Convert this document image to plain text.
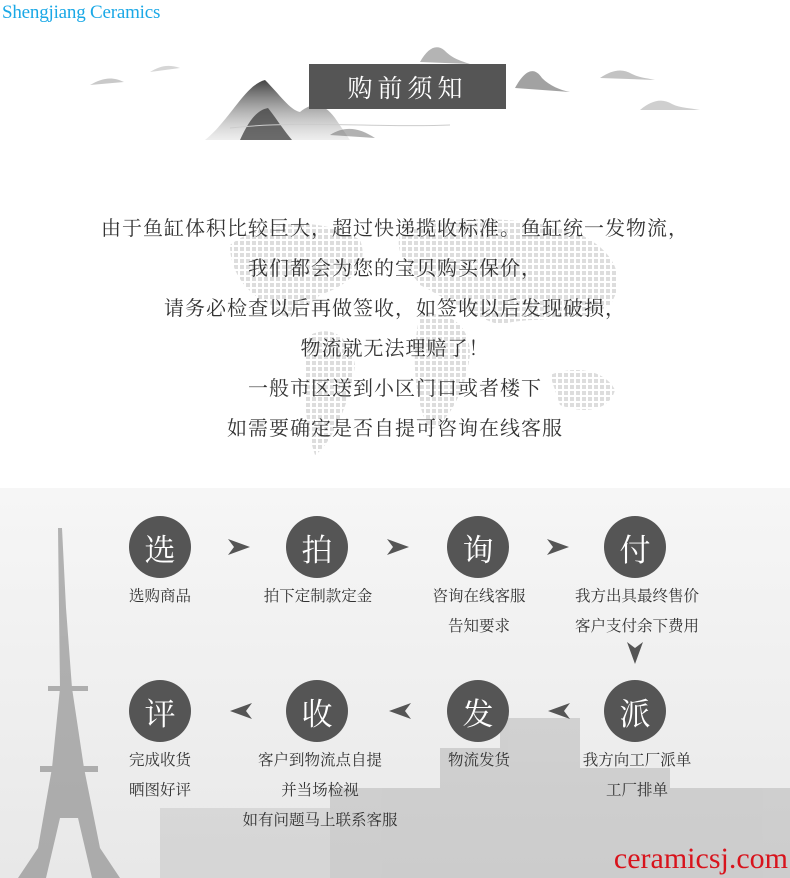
Shengjiang Ceramics
购前须知
由于鱼缸体积比较巨大，超过快递揽收标准。鱼缸统一发物流，
我们都会为您的宝贝购买保价，
请务必检查以后再做签收，如签收以后发现破损，
物流就无法理赔了！
一般市区送到小区门口或者楼下
如需要确定是否自提可咨询在线客服
选	拍	询	付
派
发
收
评
选购商品	拍下定制款定金	咨询在线客服
告知要求
我方出具最终售价
客户支付余下费用
我方向工厂派单
工厂排单
物流发货
客户到物流点自提
并当场检视
如有问题马上联系客服
完成收货
晒图好评
ceramicsj.com
